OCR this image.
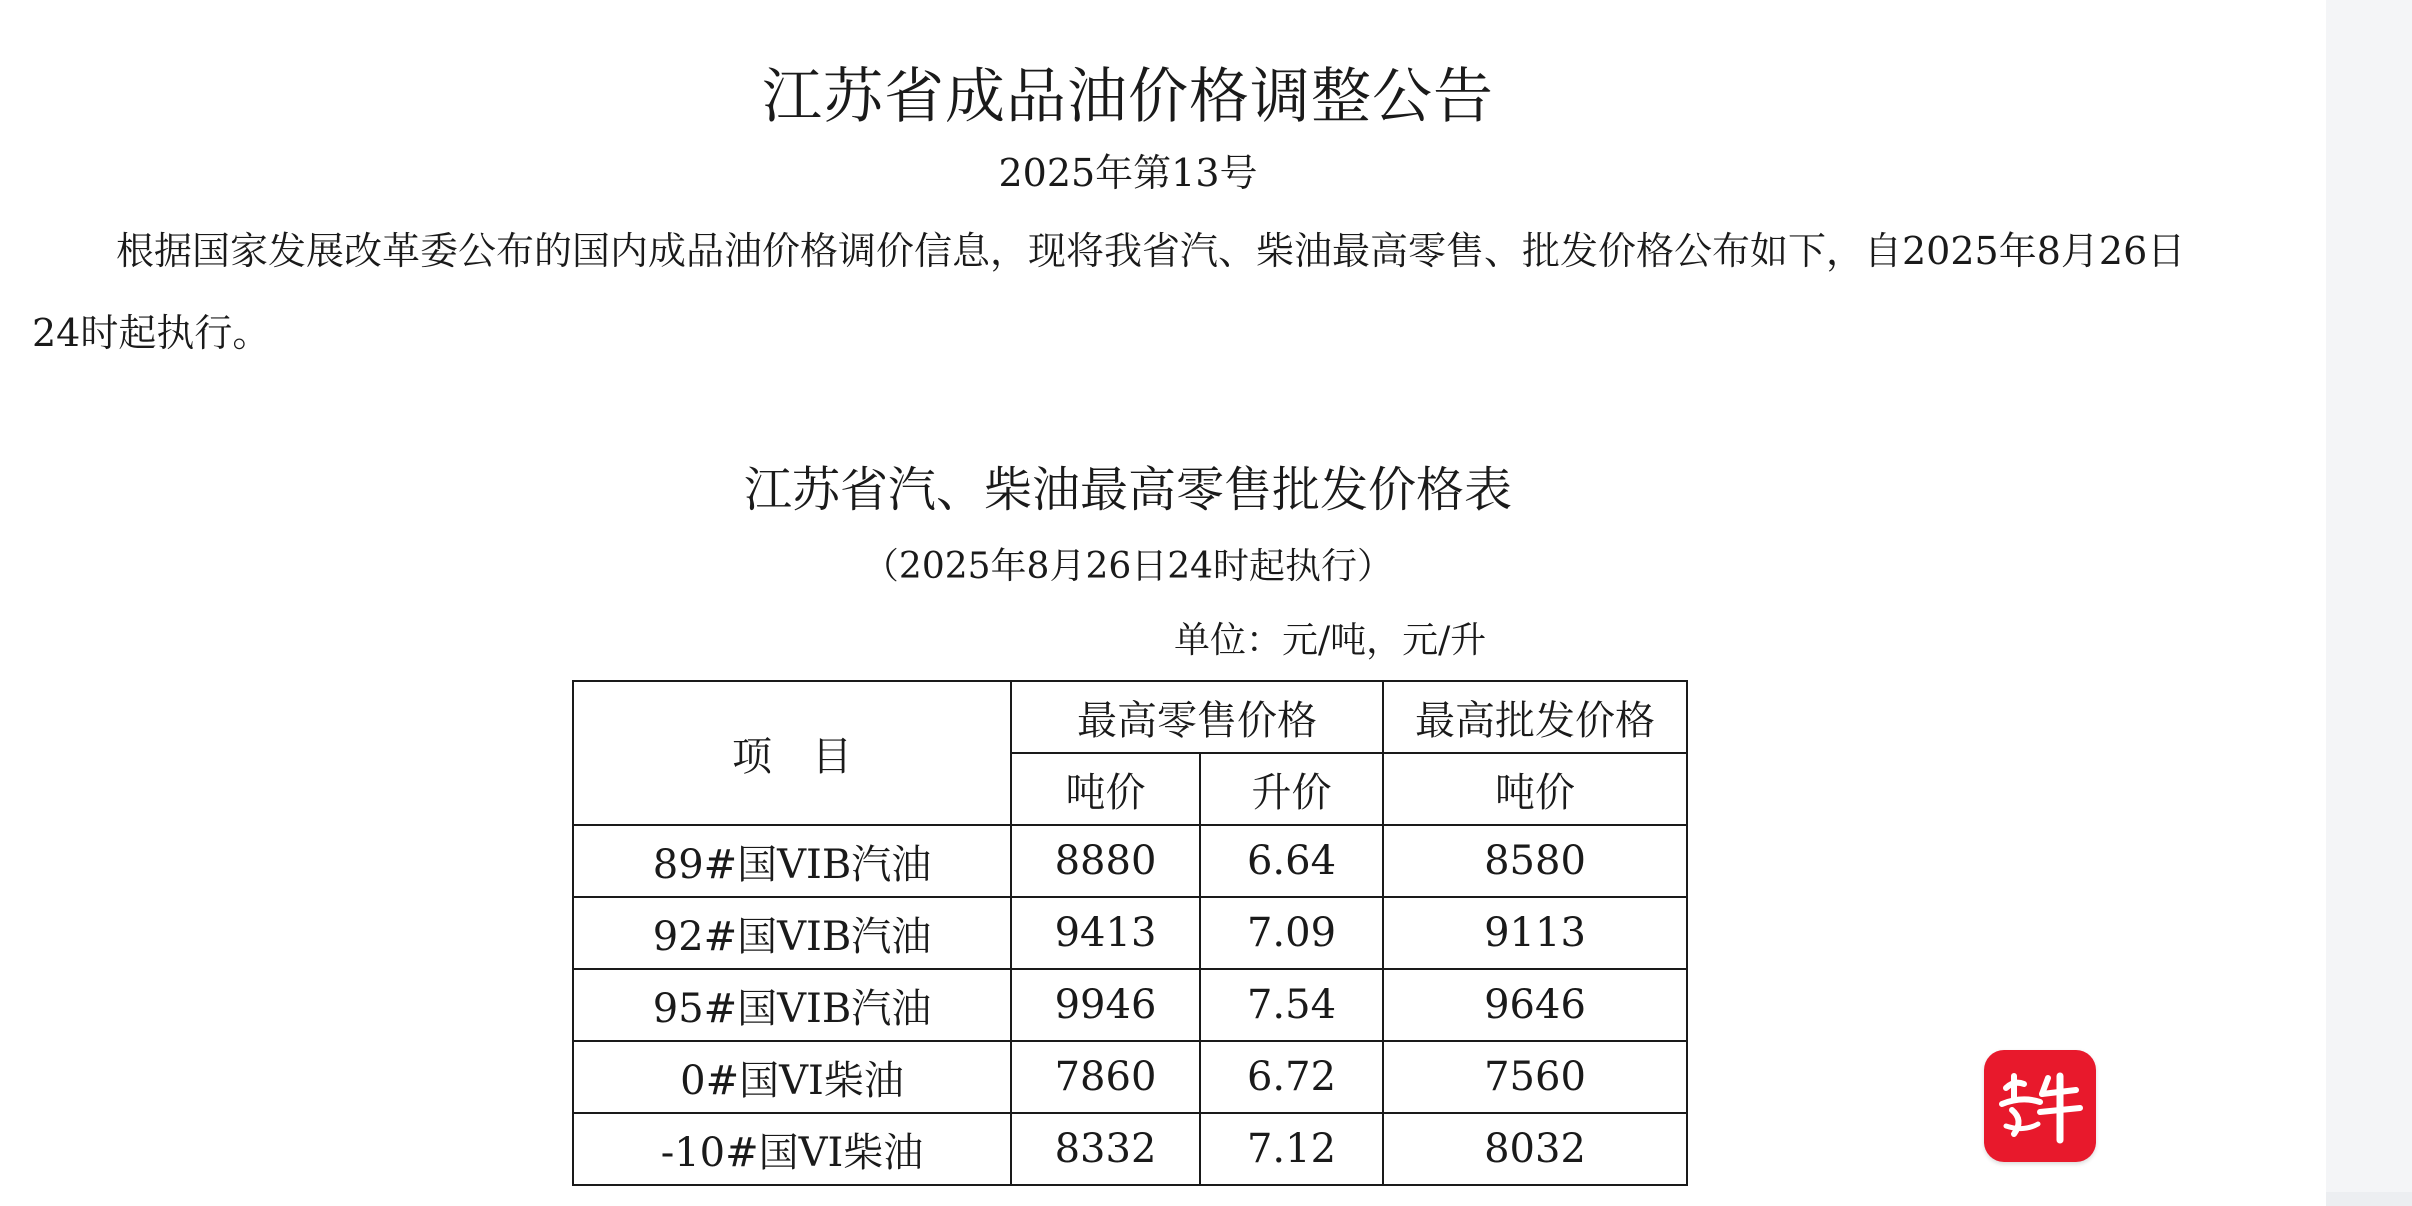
江苏省成品油价格调整公告
2025年第13号

根据国家发展改革委公布的国内成品油价格调价信息，现将我省汽、柴油最高零售、批发价格公布如下，自2025年8月26日24时起执行。

江苏省汽、柴油最高零售批发价格表
（2025年8月26日24时起执行）
单位：元/吨，元/升
项　目	最高零售价格		最高批发价格
	吨价	升价	吨价
89#国VIB汽油	8880	6.64	8580
92#国VIB汽油	9413	7.09	9113
95#国VIB汽油	9946	7.54	9646
0#国VI柴油	7860	6.72	7560
-10#国VI柴油	8332	7.12	8032
